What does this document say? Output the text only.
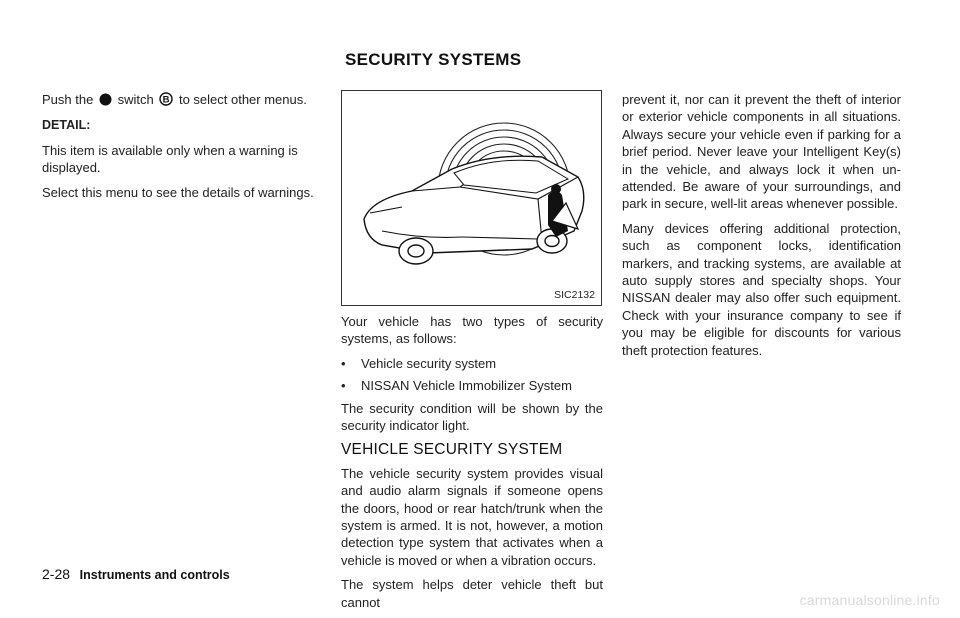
SECURITY SYSTEMS

Push the switch B to select other menus.

DETAIL:

This item is available only when a warning is displayed.

Select this menu to see the details of warnings.

SIC2132

Your vehicle has two types of security systems, as follows:

•	Vehicle security system
•	NISSAN Vehicle Immobilizer System

The security condition will be shown by the security indicator light.

VEHICLE SECURITY SYSTEM

The vehicle security system provides visual and audio alarm signals if someone opens the doors, hood or rear hatch/trunk when the system is armed. It is not, however, a motion detection type system that activates when a vehicle is moved or when a vibration occurs.

The system helps deter vehicle theft but cannot

prevent it, nor can it prevent the theft of interior or exterior vehicle components in all situations. Always secure your vehicle even if parking for a brief period. Never leave your Intelligent Key(s) in the vehicle, and always lock it when un-attended. Be aware of your surroundings, and park in secure, well-lit areas whenever possible.

Many devices offering additional protection, such as component locks, identification markers, and tracking systems, are available at auto supply stores and specialty shops. Your NISSAN dealer may also offer such equipment. Check with your insurance company to see if you may be eligible for discounts for various theft protection features.

2-28 Instruments and controls
carmanualsonline.info
